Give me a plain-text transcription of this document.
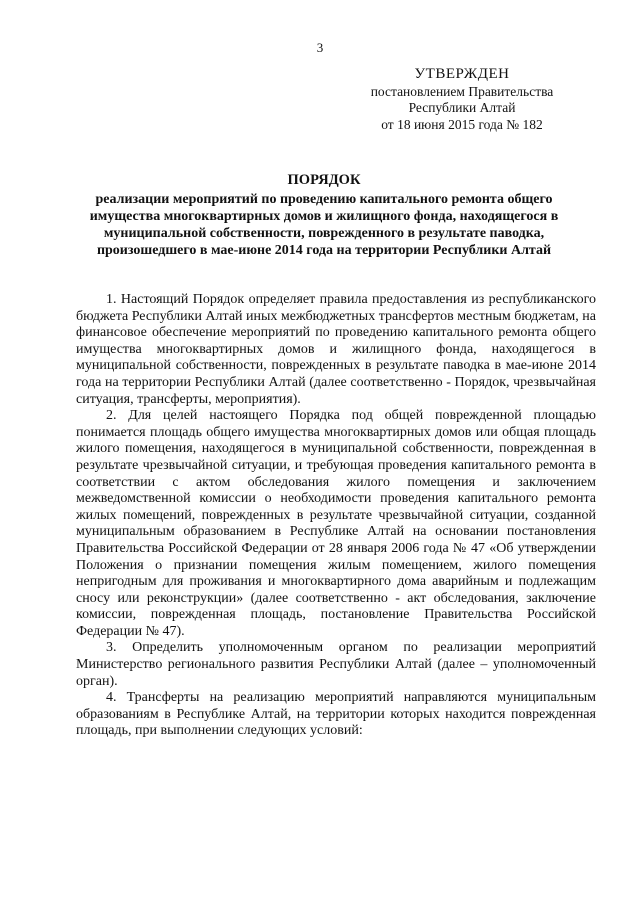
3
УТВЕРЖДЕН
постановлением Правительства
Республики Алтай
от 18 июня 2015 года № 182
ПОРЯДОК
реализации мероприятий по проведению капитального ремонта общего имущества многоквартирных домов и жилищного фонда, находящегося в муниципальной собственности, поврежденного в результате паводка, произошедшего в мае-июне 2014 года на территории Республики Алтай

1. Настоящий Порядок определяет правила предоставления из республиканского бюджета Республики Алтай иных межбюджетных трансфертов местным бюджетам, на финансовое обеспечение мероприятий по проведению капитального ремонта общего имущества многоквартирных домов и жилищного фонда, находящегося в муниципальной собственности, поврежденных в результате паводка в мае-июне 2014 года на территории Республики Алтай (далее соответственно - Порядок, чрезвычайная ситуация, трансферты, мероприятия).

2. Для целей настоящего Порядка под общей поврежденной площадью понимается площадь общего имущества многоквартирных домов или общая площадь жилого помещения, находящегося в муниципальной собственности, поврежденная в результате чрезвычайной ситуации, и требующая проведения капитального ремонта в соответствии с актом обследования жилого помещения и заключением межведомственной комиссии о необходимости проведения капитального ремонта жилых помещений, поврежденных в результате чрезвычайной ситуации, созданной муниципальным образованием в Республике Алтай на основании постановления Правительства Российской Федерации от 28 января 2006 года № 47 «Об утверждении Положения о признании помещения жилым помещением, жилого помещения непригодным для проживания и многоквартирного дома аварийным и подлежащим сносу или реконструкции» (далее соответственно - акт обследования, заключение комиссии, поврежденная площадь, постановление Правительства Российской Федерации № 47).

3. Определить уполномоченным органом по реализации мероприятий Министерство регионального развития Республики Алтай (далее – уполномоченный орган).

4. Трансферты на реализацию мероприятий направляются муниципальным образованиям в Республике Алтай, на территории которых находится поврежденная площадь, при выполнении следующих условий:
